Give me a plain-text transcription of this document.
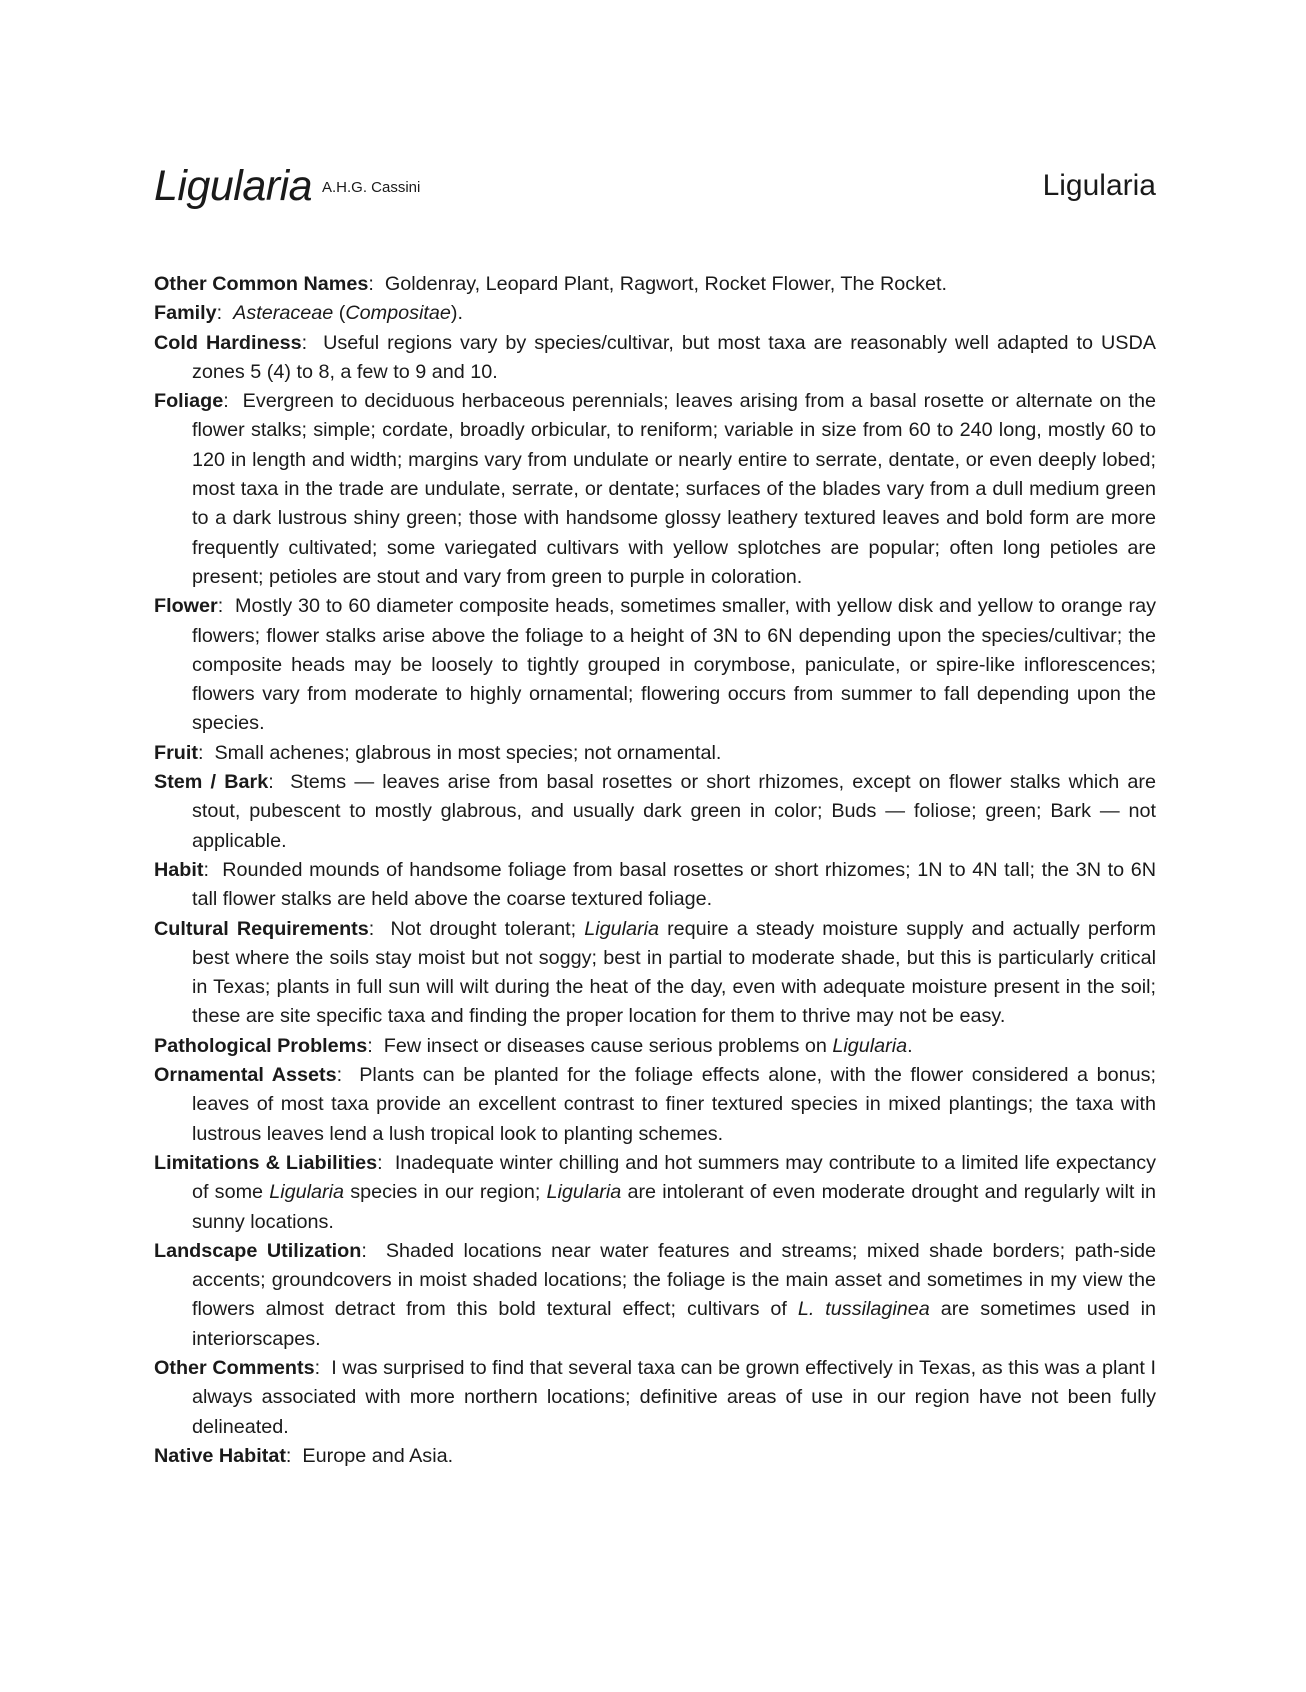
Ligularia A.H.G. Cassini	Ligularia

Other Common Names:  Goldenray, Leopard Plant, Ragwort, Rocket Flower, The Rocket.

Family:  Asteraceae (Compositae).

Cold Hardiness:  Useful regions vary by species/cultivar, but most taxa are reasonably well adapted to USDA zones 5 (4) to 8, a few to 9 and 10.

Foliage:  Evergreen to deciduous herbaceous perennials; leaves arising from a basal rosette or alternate on the flower stalks; simple; cordate, broadly orbicular, to reniform; variable in size from 60 to 240 long, mostly 60 to 120 in length and width; margins vary from undulate or nearly entire to serrate, dentate, or even deeply lobed; most taxa in the trade are undulate, serrate, or dentate; surfaces of the blades vary from a dull medium green to a dark lustrous shiny green; those with handsome glossy leathery textured leaves and bold form are more frequently cultivated; some variegated cultivars with yellow splotches are popular; often long petioles are present; petioles are stout and vary from green to purple in coloration.

Flower:  Mostly 30 to 60 diameter composite heads, sometimes smaller, with yellow disk and yellow to orange ray flowers; flower stalks arise above the foliage to a height of 3N to 6N depending upon the species/cultivar; the composite heads may be loosely to tightly grouped in corymbose, paniculate, or spire-like inflorescences; flowers vary from moderate to highly ornamental; flowering occurs from summer to fall depending upon the species.

Fruit:  Small achenes; glabrous in most species; not ornamental.

Stem / Bark:  Stems — leaves arise from basal rosettes or short rhizomes, except on flower stalks which are stout, pubescent to mostly glabrous, and usually dark green in color; Buds — foliose; green; Bark — not applicable.

Habit:  Rounded mounds of handsome foliage from basal rosettes or short rhizomes; 1N to 4N tall; the 3N to 6N tall flower stalks are held above the coarse textured foliage.

Cultural Requirements:  Not drought tolerant; Ligularia require a steady moisture supply and actually perform best where the soils stay moist but not soggy; best in partial to moderate shade, but this is particularly critical in Texas; plants in full sun will wilt during the heat of the day, even with adequate moisture present in the soil; these are site specific taxa and finding the proper location for them to thrive may not be easy.

Pathological Problems:  Few insect or diseases cause serious problems on Ligularia.

Ornamental Assets:  Plants can be planted for the foliage effects alone, with the flower considered a bonus; leaves of most taxa provide an excellent contrast to finer textured species in mixed plantings; the taxa with lustrous leaves lend a lush tropical look to planting schemes.

Limitations & Liabilities:  Inadequate winter chilling and hot summers may contribute to a limited life expectancy of some Ligularia species in our region; Ligularia are intolerant of even moderate drought and regularly wilt in sunny locations.

Landscape Utilization:  Shaded locations near water features and streams; mixed shade borders; path-side accents; groundcovers in moist shaded locations; the foliage is the main asset and sometimes in my view the flowers almost detract from this bold textural effect; cultivars of L. tussilaginea are sometimes used in interiorscapes.

Other Comments:  I was surprised to find that several taxa can be grown effectively in Texas, as this was a plant I always associated with more northern locations; definitive areas of use in our region have not been fully delineated.

Native Habitat:  Europe and Asia.
